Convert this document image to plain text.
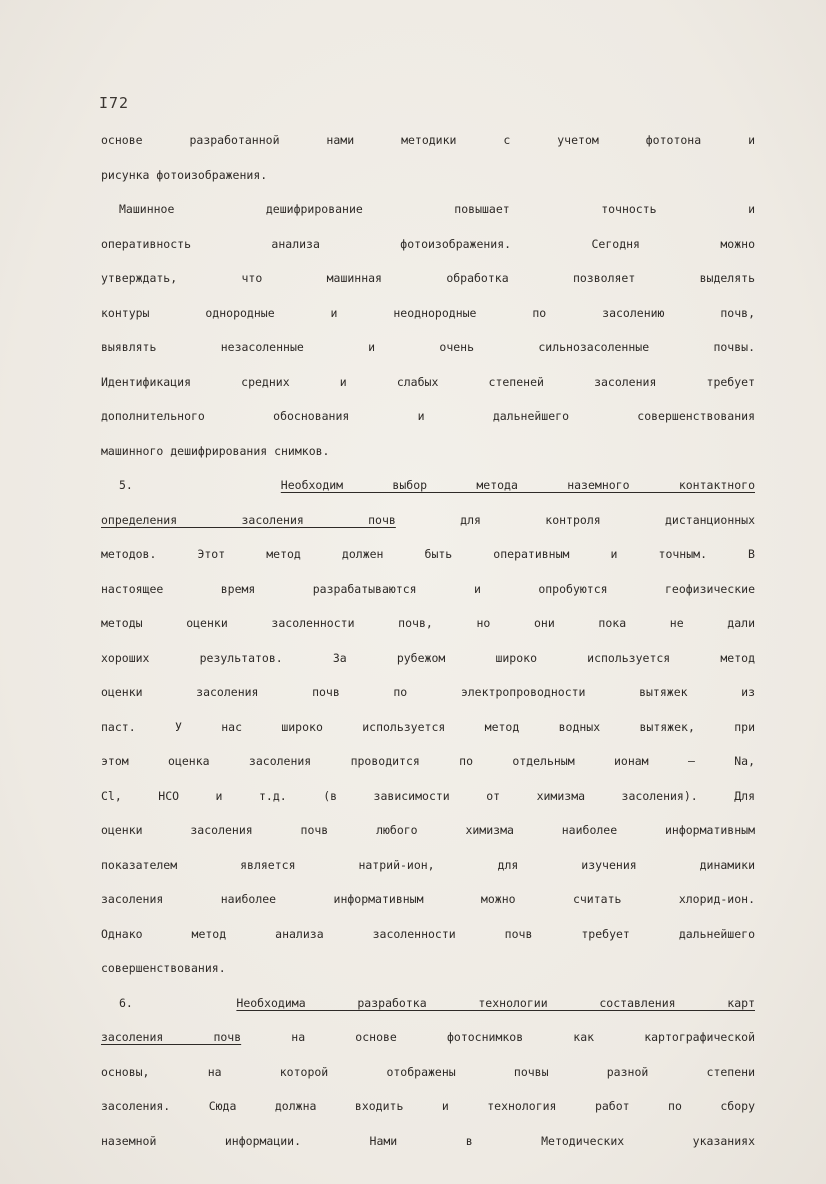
I72
основе разработанной нами методики с учетом фототона и
рисунка фотоизображения.
Машинное дешифрирование повышает точность и
оперативность анализа фотоизображения. Сегодня можно
утверждать, что машинная обработка позволяет выделять
контуры однородные и неоднородные по засолению почв,
выявлять незасоленные и очень сильнозасоленные почвы.
Идентификация средних и слабых степеней засоления требует
дополнительного обоснования и дальнейшего совершенствования
машинного дешифрирования снимков.
5.	Необходим выбор метода наземного контактного
определения засоления почв для контроля дистанционных
методов. Этот метод должен быть оперативным и точным. В
настоящее время разрабатываются и опробуются геофизические
методы оценки засоленности почв, но они пока не дали
хороших результатов. За рубежом широко используется метод
оценки засоления почв по электропроводности вытяжек из
паст. У нас широко используется метод водных вытяжек, при
этом оценка засоления проводится по отдельным ионам – Na,
Cl, HCO и т.д. (в зависимости от химизма засоления). Для
оценки засоления почв любого химизма наиболее информативным
показателем является натрий-ион, для изучения динамики
засоления наиболее информативным можно считать хлорид-ион.
Однако метод анализа засоленности почв требует дальнейшего
совершенствования.
6.	Необходима разработка технологии составления карт
засоления почв на основе фотоснимков как картографической
основы, на которой отображены почвы разной степени
засоления. Сюда должна входить и технология работ по сбору
наземной информации. Нами в Методических указаниях
